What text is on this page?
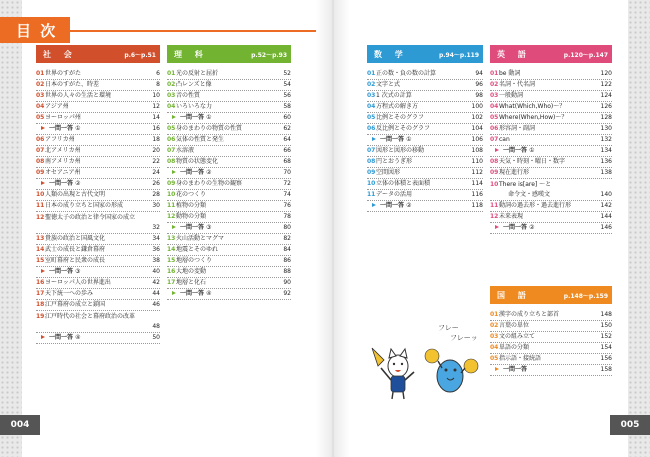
目 次
004	005
社 会	p.6〜p.51
01 世界のすがた	6
02 日本のすがた、時差	8
03 世界の人々の生活と環境	10
04 アジア州	12
05 ヨーロッパ州	14
一問一答 ①	16
06 アフリカ州	18
07 北アメリカ州	20
08 南アメリカ州	22
09 オセアニア州	24
一問一答 ②	26
10 人類の出現と古代文明	28
11 日本の成り立ちと国家の形成	30
12 聖徳太子の政治と律令国家の成立
32
13 貴族の政治と国風文化	34
14 武士の成長と鎌倉幕府	36
15 室町幕府と民衆の成長	38
一問一答 ③	40
16 ヨーロッパ人の世界進出	42
17 天下統一への歩み	44
18 江戸幕府の成立と鎖国	46
19 江戸時代の社会と幕府政治の改革
48
一問一答 ④	50
理 科	p.52〜p.93
01 光の反射と屈折	52
02 凸レンズと像	54
03 音の性質	56
04 いろいろな力	58
一問一答 ①	60
05 身のまわりの物質の性質	62
06 気体の性質と発生	64
07 水溶液	66
08 物質の状態変化	68
一問一答 ②	70
09 身のまわりの生物の観察	72
10 花のつくり	74
11 植物の分類	76
12 動物の分類	78
一問一答 ③	80
13 火山活動とマグマ	82
14 地震とそのゆれ	84
15 地層のつくり	86
16 大地の変動	88
17 地層と化石	90
一問一答 ④	92
数 学	p.94〜p.119
01 正の数・負の数の計算	94
02 文字と式	96
03 1 次式の計算	98
04 方程式の解き方	100
05 比例とそのグラフ	102
06 反比例とそのグラフ	104
一問一答 ①	106
07 図形と図形の移動	108
08 円とおうぎ形	110
09 空間図形	112
10 立体の体積と表面積	114
11 データの活用	116
一問一答 ②	118
英 語	p.120〜p.147
01 be 動詞	120
02 名詞・代名詞	122
03 一般動詞	124
04 What(Which,Who)〜？	126
05 Where(When,How)〜？	128
06 形容詞・副詞	130
07 can	132
一問一答 ①	134
08 天気・時刻・曜日・数字	136
09 現在進行形	138
10 There is[are] 〜と
命令文・感嘆文	140
11 動詞の過去形・過去進行形	142
12 未来表現	144
一問一答 ②	146
国 語	p.148〜p.159
01 漢字の成り立ちと部首	148
02 言葉の単位	150
03 文の組み立て	152
04 単語の分類	154
05 指示語・接続語	156
一問一答	158
フレー
フレーッ
